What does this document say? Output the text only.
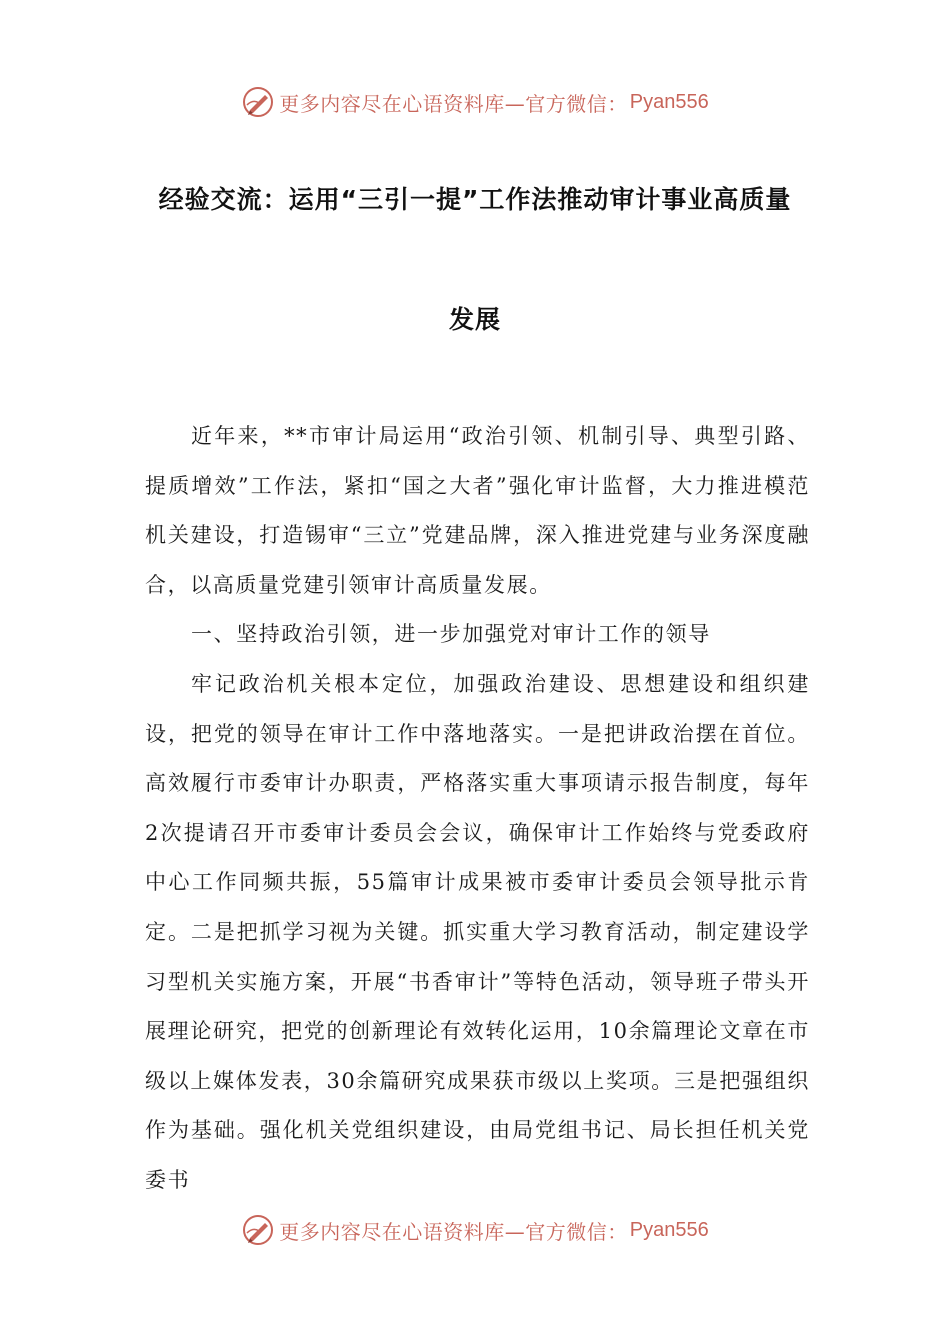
更多内容尽在心语资料库—官方微信： Pyan556
经验交流：运用“三引一提”工作法推动审计事业高质量
发展

近年来，**市审计局运用“政治引领、机制引导、典型引路、提质增效”工作法，紧扣“国之大者”强化审计监督，大力推进模范机关建设，打造锡审“三立”党建品牌，深入推进党建与业务深度融合，以高质量党建引领审计高质量发展。

一、坚持政治引领，进一步加强党对审计工作的领导

牢记政治机关根本定位，加强政治建设、思想建设和组织建设，把党的领导在审计工作中落地落实。一是把讲政治摆在首位。高效履行市委审计办职责，严格落实重大事项请示报告制度，每年2次提请召开市委审计委员会会议，确保审计工作始终与党委政府中心工作同频共振，55篇审计成果被市委审计委员会领导批示肯定。二是把抓学习视为关键。抓实重大学习教育活动，制定建设学习型机关实施方案，开展“书香审计”等特色活动，领导班子带头开展理论研究，把党的创新理论有效转化运用，10余篇理论文章在市级以上媒体发表，30余篇研究成果获市级以上奖项。三是把强组织作为基础。强化机关党组织建设，由局党组书记、局长担任机关党委书

更多内容尽在心语资料库—官方微信： Pyan556
